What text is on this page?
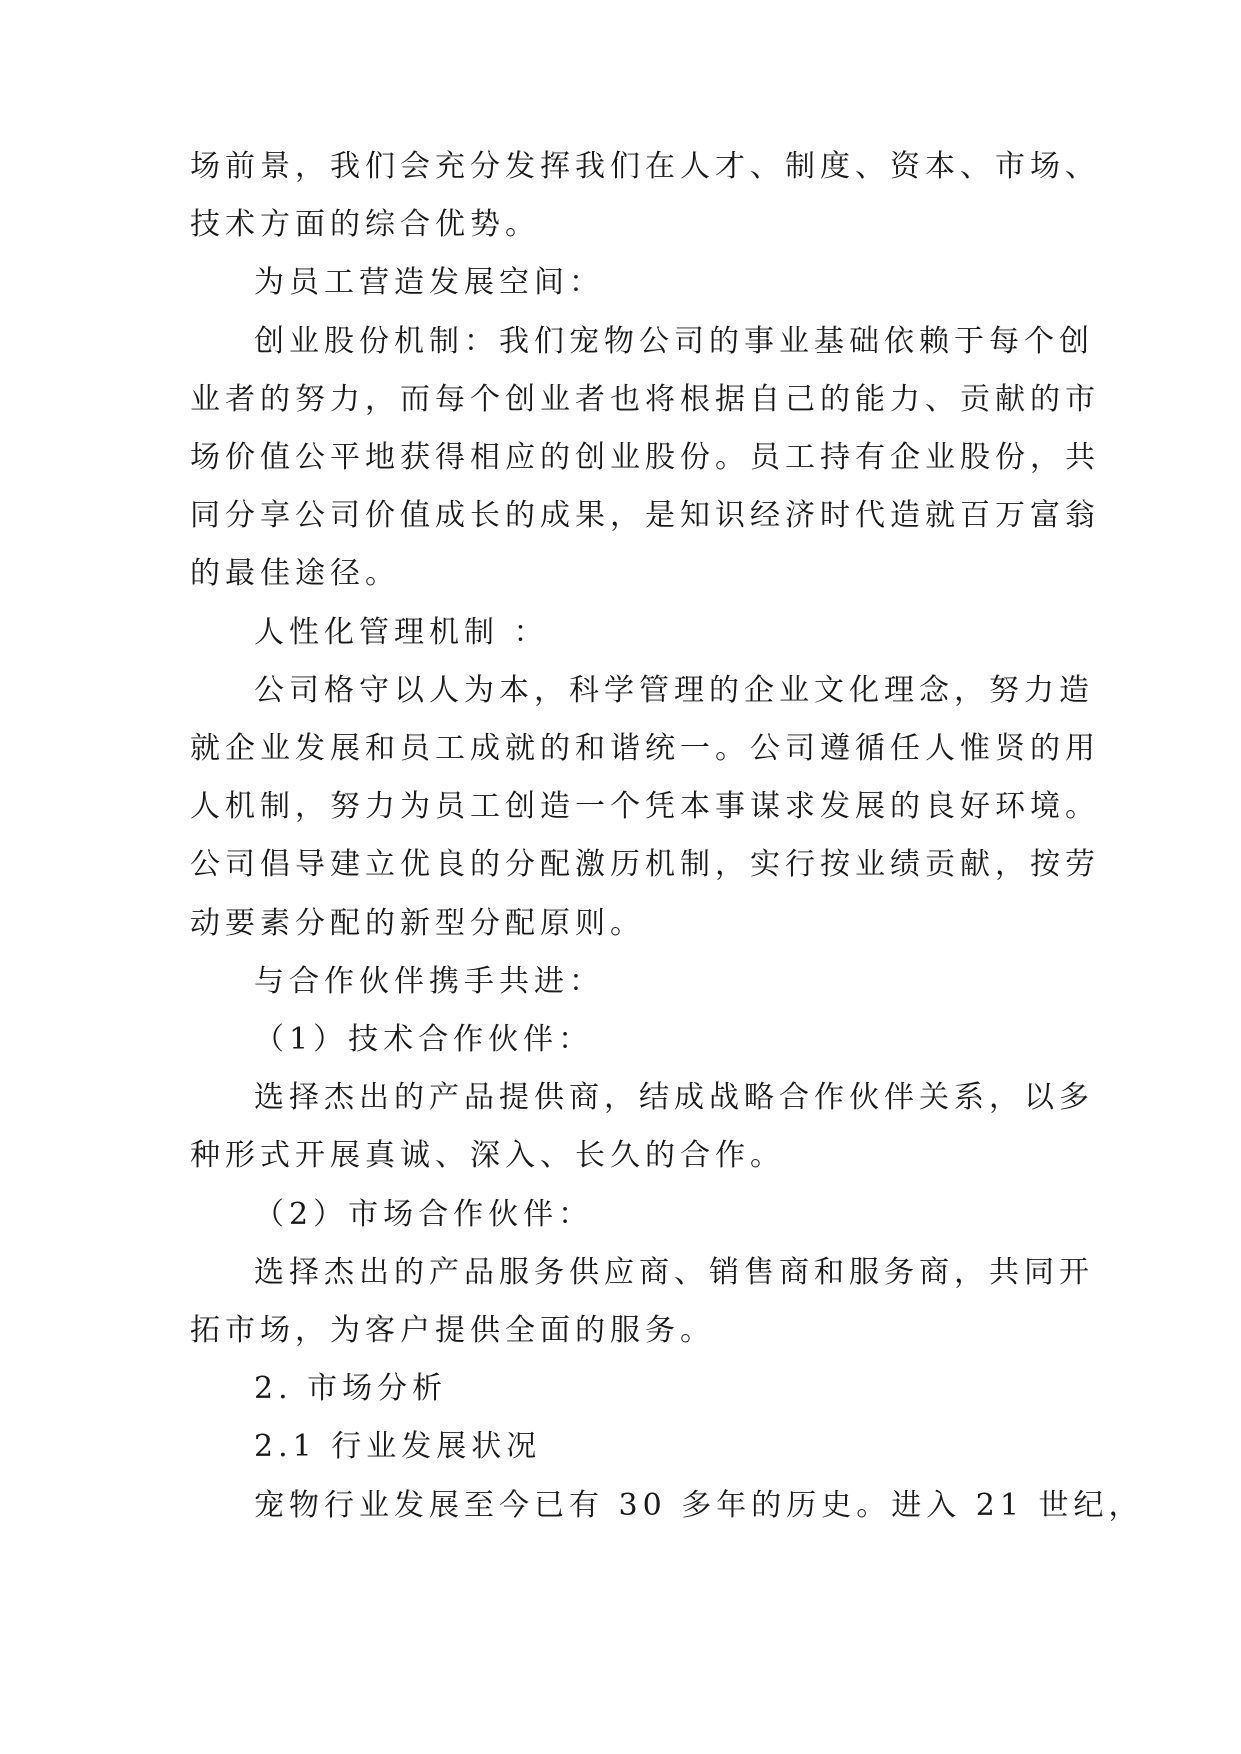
场前景，我们会充分发挥我们在人才、制度、资本、市场、
技术方面的综合优势。
为员工营造发展空间：
创业股份机制：我们宠物公司的事业基础依赖于每个创
业者的努力，而每个创业者也将根据自己的能力、贡献的市
场价值公平地获得相应的创业股份。员工持有企业股份，共
同分享公司价值成长的成果，是知识经济时代造就百万富翁
的最佳途径。
人性化管理机制 ：
公司格守以人为本，科学管理的企业文化理念，努力造
就企业发展和员工成就的和谐统一。公司遵循任人惟贤的用
人机制，努力为员工创造一个凭本事谋求发展的良好环境。
公司倡导建立优良的分配激历机制，实行按业绩贡献，按劳
动要素分配的新型分配原则。
与合作伙伴携手共进：
（1）技术合作伙伴：
选择杰出的产品提供商，结成战略合作伙伴关系，以多
种形式开展真诚、深入、长久的合作。
（2）市场合作伙伴：
选择杰出的产品服务供应商、销售商和服务商，共同开
拓市场，为客户提供全面的服务。
2. 市场分析
2.1 行业发展状况
宠物行业发展至今已有 30 多年的历史。进入 21 世纪，
